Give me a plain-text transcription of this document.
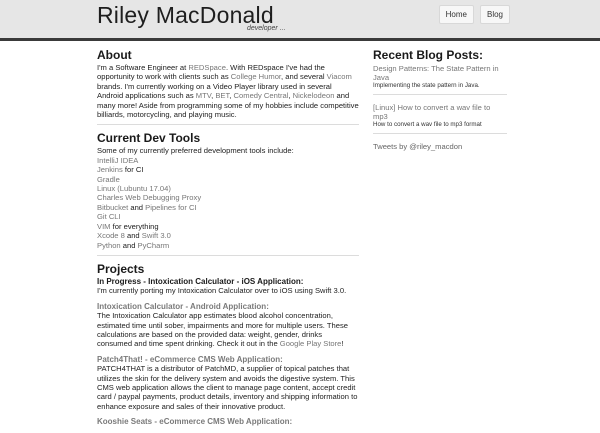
Riley MacDonald
developer ...
Home	Blog
About
I'm a Software Engineer at REDSpace. With REDspace I've had the opportunity to work with clients such as College Humor, and several Viacom brands. I'm currently working on a Video Player library used in several Android applications such as MTV, BET, Comedy Central, Nickelodeon and many more! Aside from programming some of my hobbies include competitive billiards, motorcycling, and playing music.
Current Dev Tools
Some of my currently preferred development tools include:
IntelliJ IDEA
Jenkins for CI
Gradle
Linux (Lubuntu 17.04)
Charles Web Debugging Proxy
Bitbucket and Pipelines for CI
Git CLI
VIM for everything
Xcode 8 and Swift 3.0
Python and PyCharm
Projects
In Progress - Intoxication Calculator - iOS Application:
I'm currently porting my Intoxication Calculator over to iOS using Swift 3.0.
Intoxication Calculator - Android Application:
The Intoxication Calculator app estimates blood alcohol concentration, estimated time until sober, impairments and more for multiple users. These calculations are based on the provided data: weight, gender, drinks consumed and time spent drinking. Check it out in the Google Play Store!
Patch4That! - eCommerce CMS Web Application:
PATCH4THAT is a distributor of PatchMD, a supplier of topical patches that utilizes the skin for the delivery system and avoids the digestive system. This CMS web application allows the client to manage page content, accept credit card / paypal payments, product details, inventory and shipping information to enhance exposure and sales of their innovative product.
Kooshie Seats - eCommerce CMS Web Application:
Recent Blog Posts:
Design Patterns: The State Pattern in Java
Implementing the state pattern in Java.
[Linux] How to convert a wav file to mp3
How to convert a wav file to mp3 format
Tweets by @riley_macdon
